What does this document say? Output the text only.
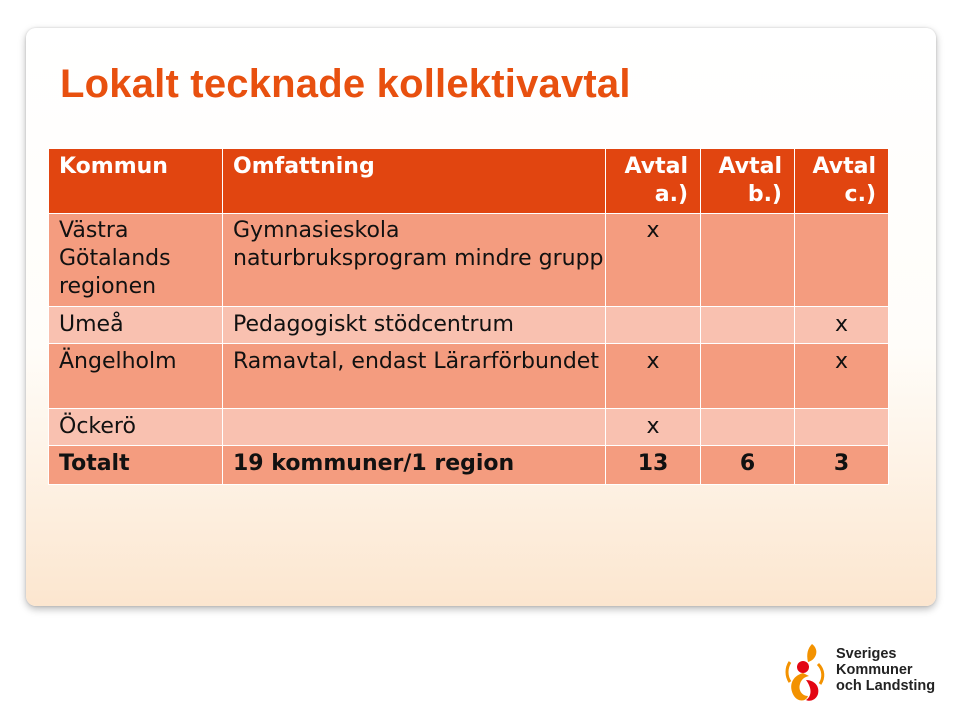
Lokalt tecknade kollektivavtal
Kommun	Omfattning	Avtal a.)	Avtal b.)	Avtal c.)
Västra Götalands regionen	Gymnasieskola naturbruksprogram mindre grupp	x		
Umeå	Pedagogiskt stödcentrum			x
Ängelholm	Ramavtal, endast Lärarförbundet	x		x
Öckerö		x		
Totalt	19 kommuner/1 region	13	6	3
Sveriges
Kommuner
och Landsting
